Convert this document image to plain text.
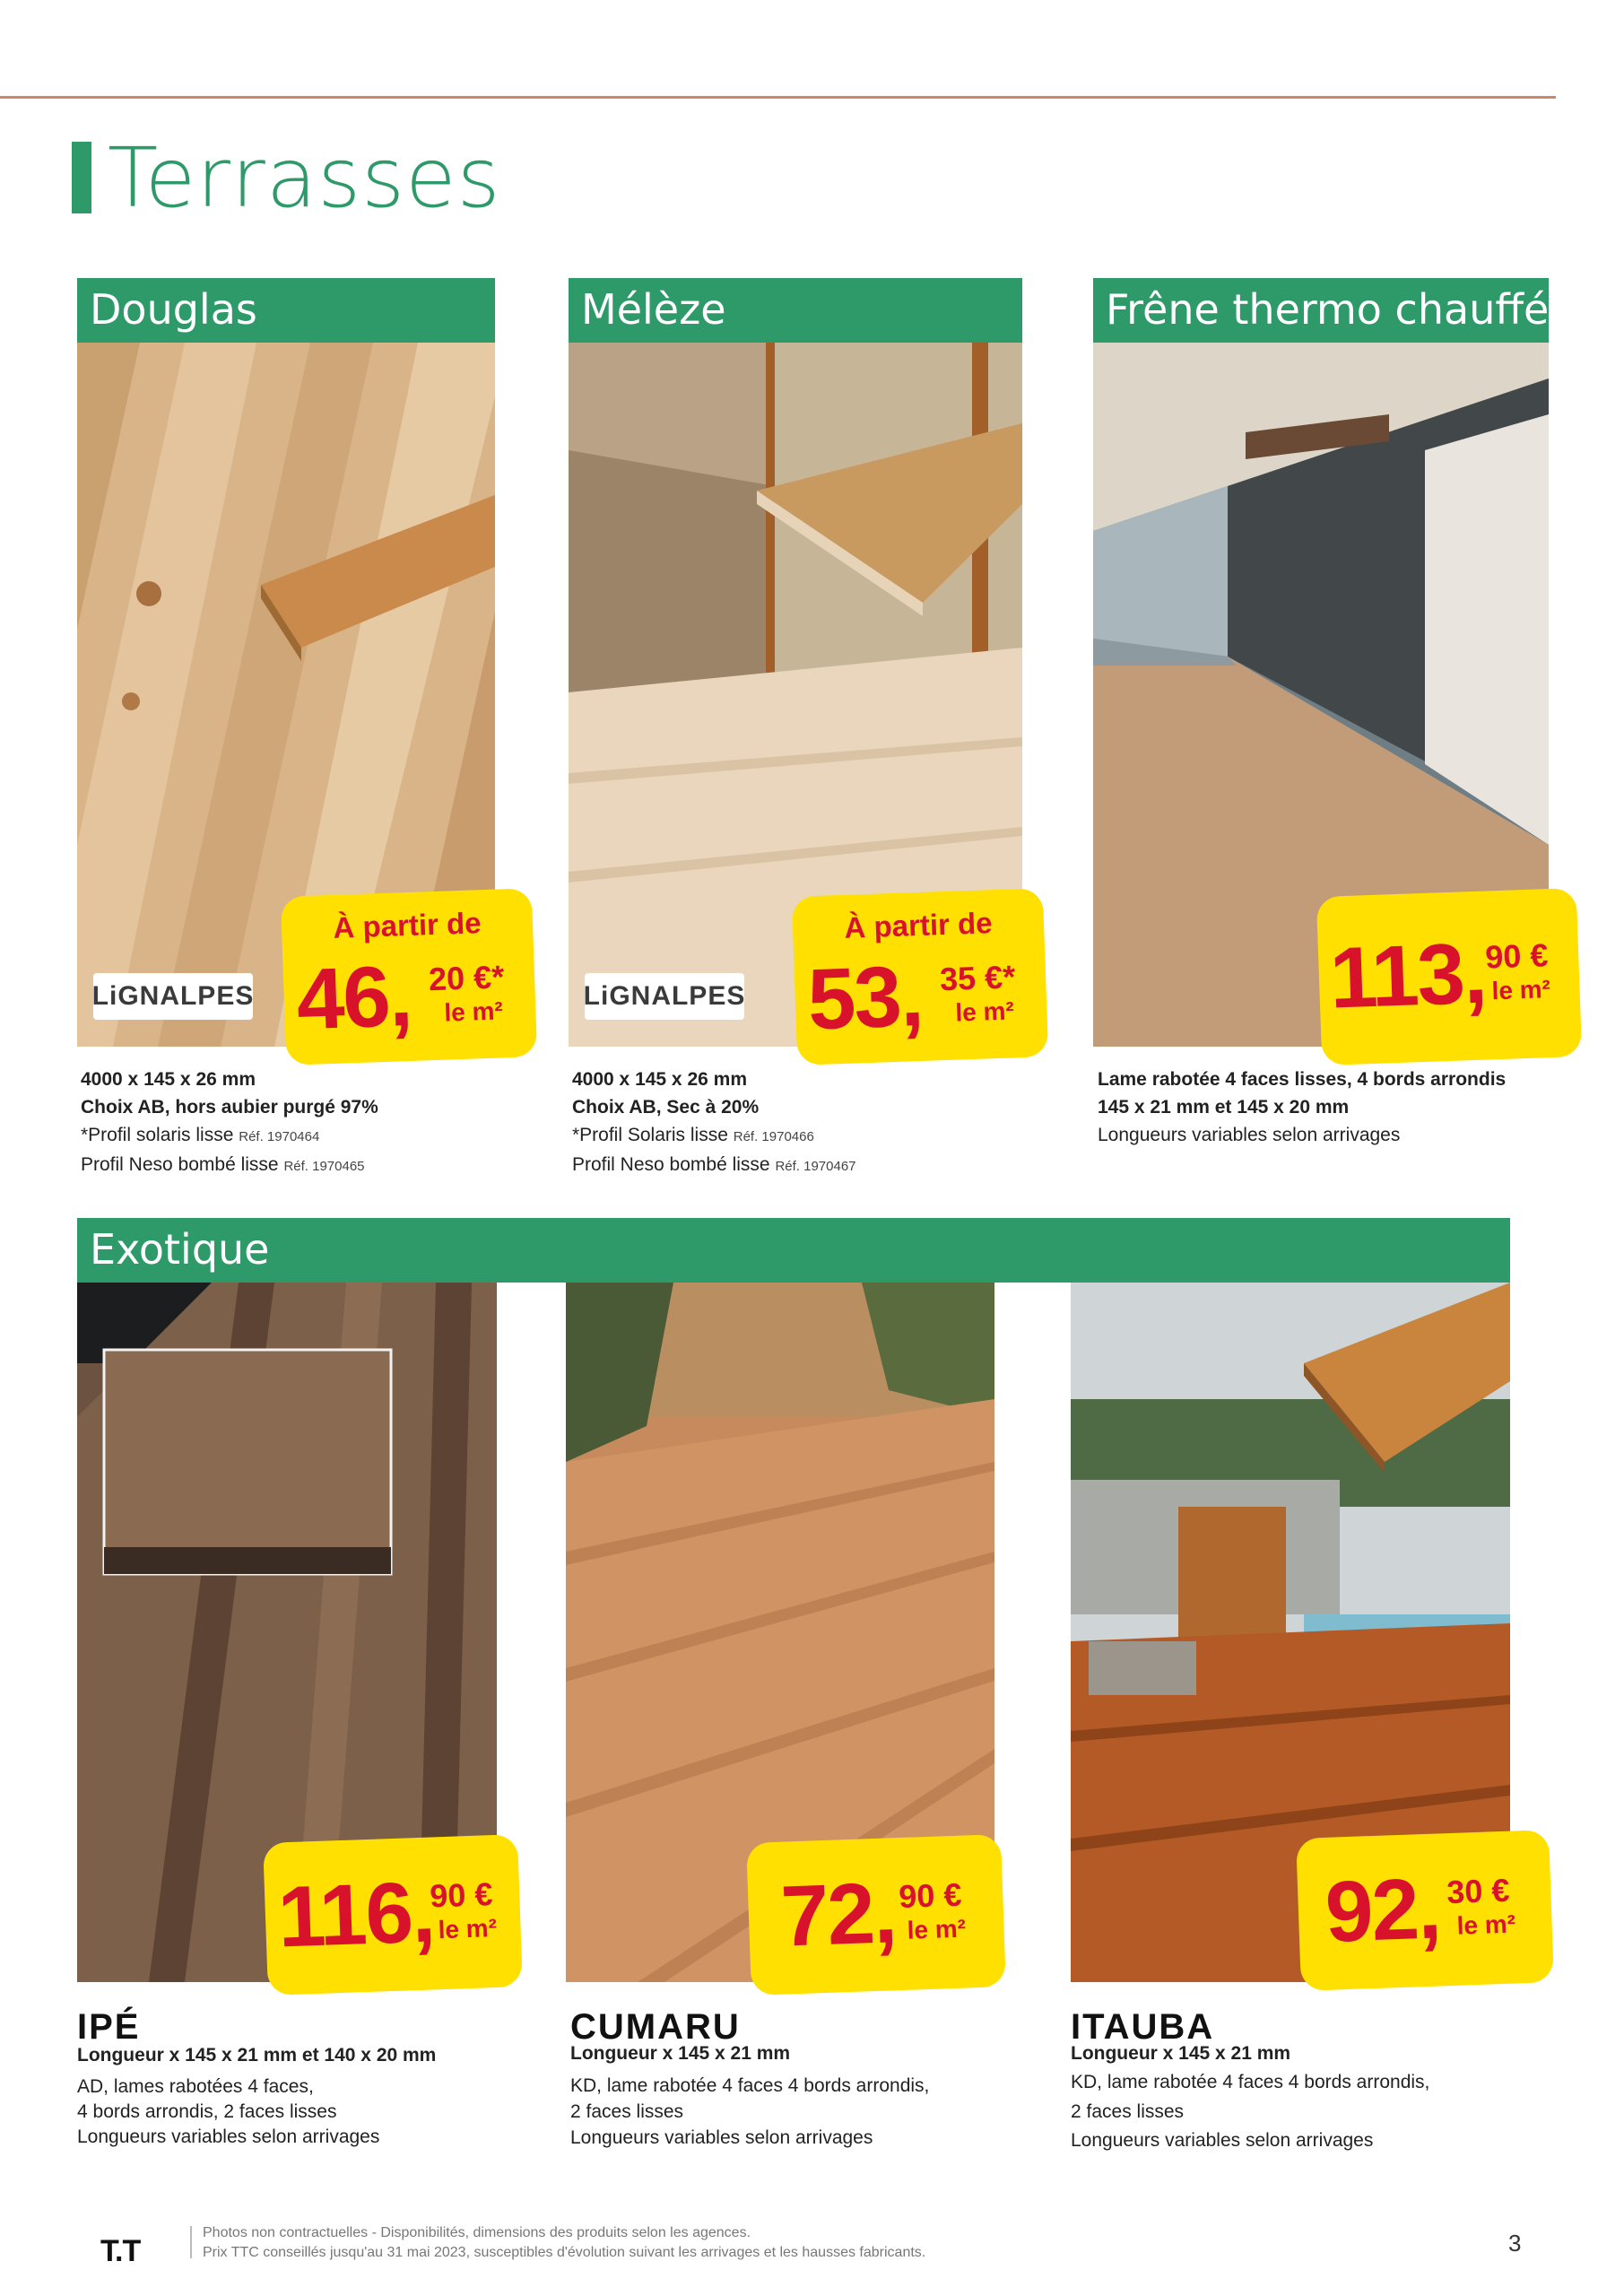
Terrasses
Douglas
LiGNALPES
À partir de
46, 20 €*
le m²
4000 x 145 x 26 mm
Choix AB, hors aubier purgé 97%
*Profil solaris lisse Réf. 1970464
Profil Neso bombé lisse Réf. 1970465
Mélèze
LiGNALPES
À partir de
53, 35 €*
le m²
4000 x 145 x 26 mm
Choix AB, Sec à 20%
*Profil Solaris lisse Réf. 1970466
Profil Neso bombé lisse Réf. 1970467
Frêne thermo chauffé
113,
90 €
le m²
Lame rabotée 4 faces lisses, 4 bords arrondis
145 x 21 mm et 145 x 20 mm
Longueurs variables selon arrivages
Exotique
116,
90 €
le m²
IPÉ
Longueur x 145 x 21 mm et 140 x 20 mm
AD, lames rabotées 4 faces,
4 bords arrondis, 2 faces lisses
Longueurs variables selon arrivages
72, 90 €
le m²
CUMARU
Longueur x 145 x 21 mm
KD, lame rabotée 4 faces 4 bords arrondis,
2 faces lisses
Longueurs variables selon arrivages
92, 30 €
le m²
ITAUBA
Longueur x 145 x 21 mm
KD, lame rabotée 4 faces 4 bords arrondis,
2 faces lisses
Longueurs variables selon arrivages
T.T
Photos non contractuelles - Disponibilités, dimensions des produits selon les agences.
Prix TTC conseillés jusqu'au 31 mai 2023, susceptibles d'évolution suivant les arrivages et les hausses fabricants.	3
